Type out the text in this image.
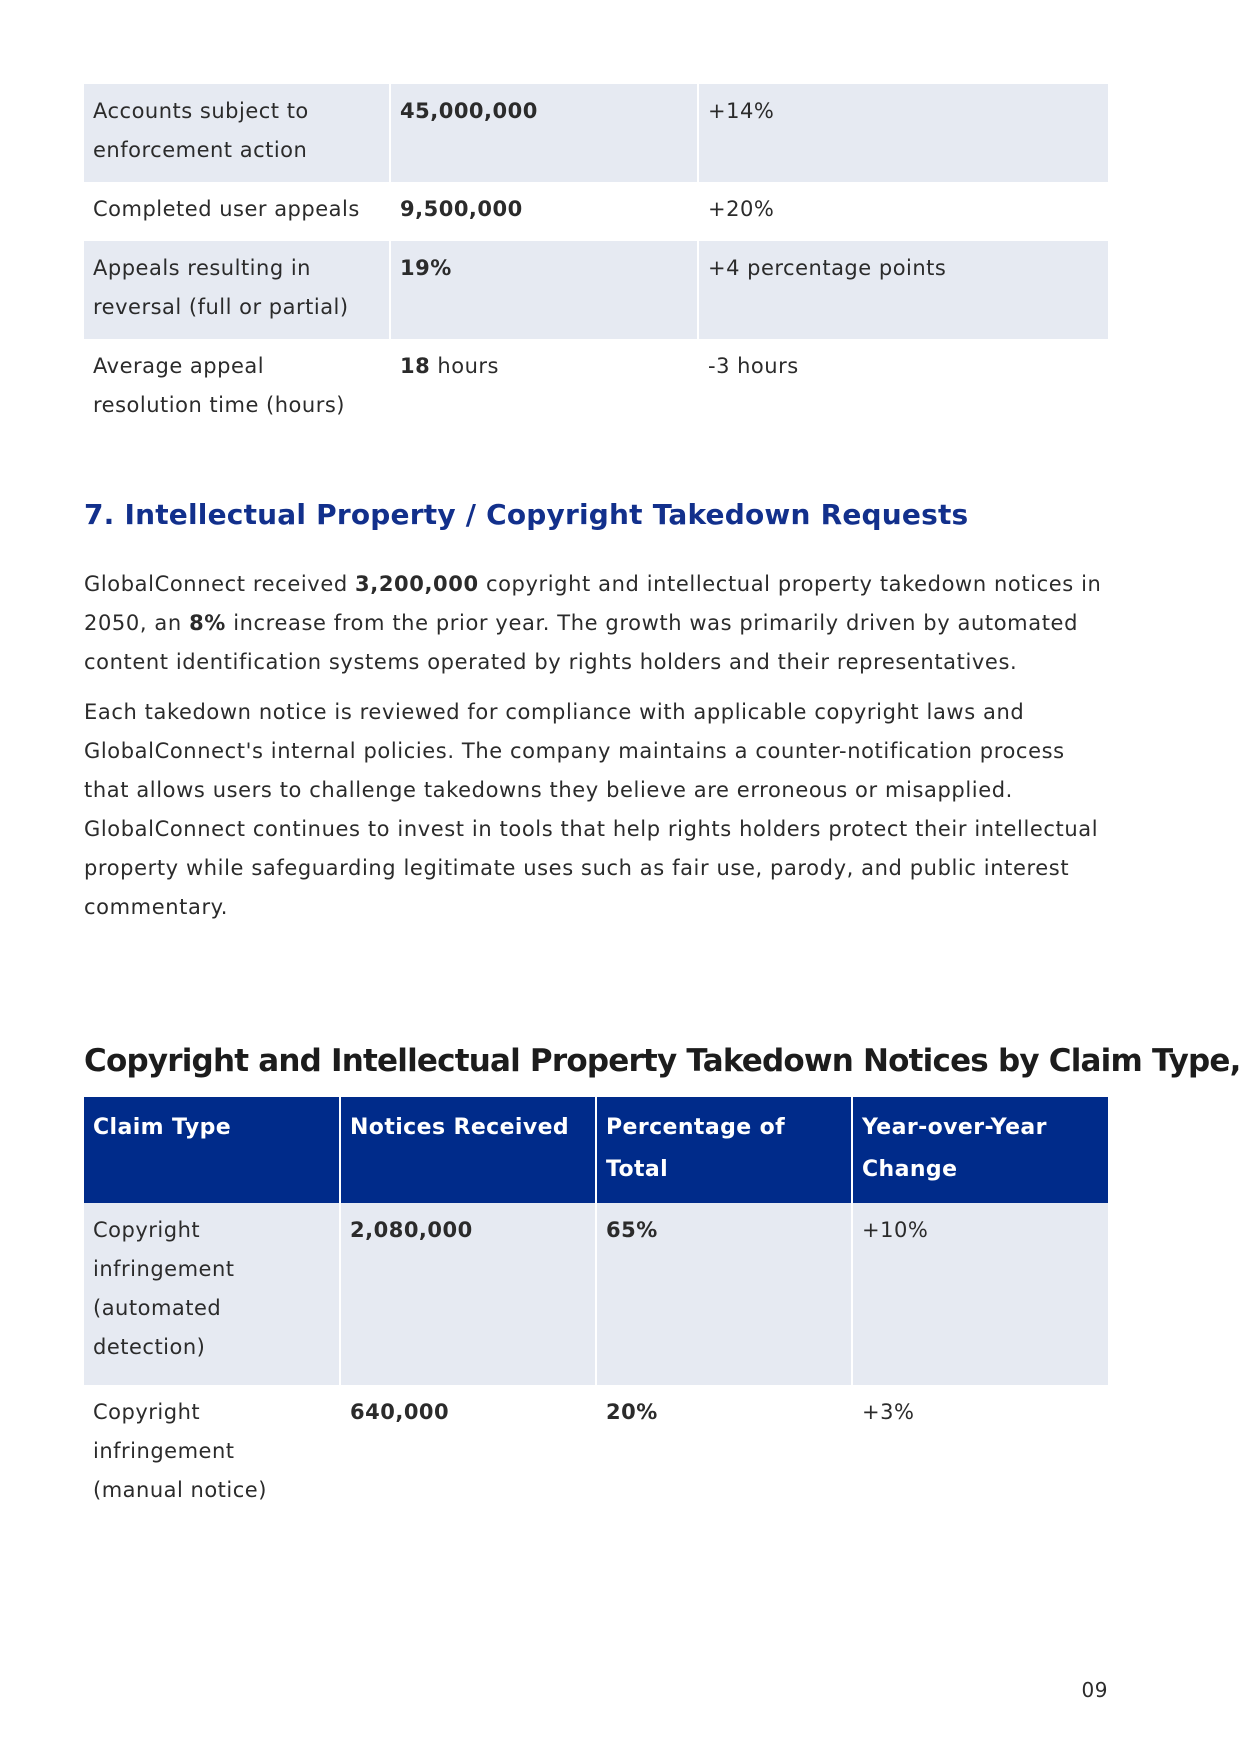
Accounts subject to enforcement action	45,000,000	+14%
Completed user appeals	9,500,000	+20%
Appeals resulting in reversal (full or partial)	19%	+4 percentage points
Average appeal resolution time (hours)	18 hours	-3 hours
7. Intellectual Property / Copyright Takedown Requests

GlobalConnect received 3,200,000 copyright and intellectual property takedown notices in 2050, an 8% increase from the prior year. The growth was primarily driven by automated content identification systems operated by rights holders and their representatives.

Each takedown notice is reviewed for compliance with applicable copyright laws and GlobalConnect's internal policies. The company maintains a counter-notification process that allows users to challenge takedowns they believe are erroneous or misapplied. GlobalConnect continues to invest in tools that help rights holders protect their intellectual property while safeguarding legitimate uses such as fair use, parody, and public interest commentary.

Copyright and Intellectual Property Takedown Notices by Claim Type,
Claim Type	Notices Received	Percentage of Total	Year-over-Year Change
Copyright infringement (automated detection)	2,080,000	65%	+10%
Copyright infringement (manual notice)	640,000	20%	+3%
09
